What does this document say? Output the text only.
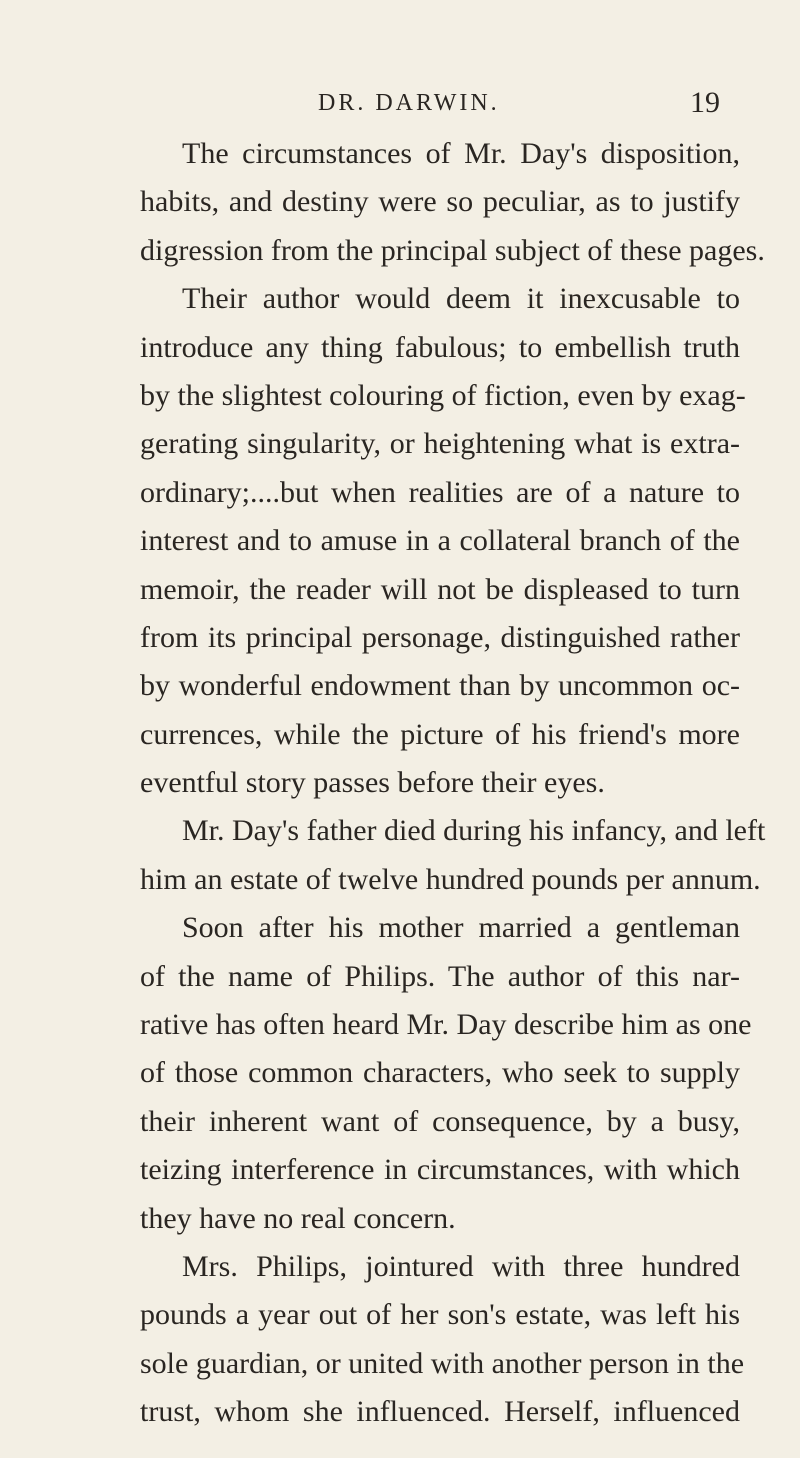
DR. DARWIN.	19
The circumstances of Mr. Day's disposition,
habits, and destiny were so peculiar, as to justify
digression from the principal subject of these pages.
Their author would deem it inexcusable to
introduce any thing fabulous; to embellish truth
by the slightest colouring of fiction, even by exag-
gerating singularity, or heightening what is extra-
ordinary;....but when realities are of a nature to
interest and to amuse in a collateral branch of the
memoir, the reader will not be displeased to turn
from its principal personage, distinguished rather
by wonderful endowment than by uncommon oc-
currences, while the picture of his friend's more
eventful story passes before their eyes.
Mr. Day's father died during his infancy, and left
him an estate of twelve hundred pounds per annum.
Soon after his mother married a gentleman
of the name of Philips. The author of this nar-
rative has often heard Mr. Day describe him as one
of those common characters, who seek to supply
their inherent want of consequence, by a busy,
teizing interference in circumstances, with which
they have no real concern.
Mrs. Philips, jointured with three hundred
pounds a year out of her son's estate, was left his
sole guardian, or united with another person in the
trust, whom she influenced. Herself, influenced
